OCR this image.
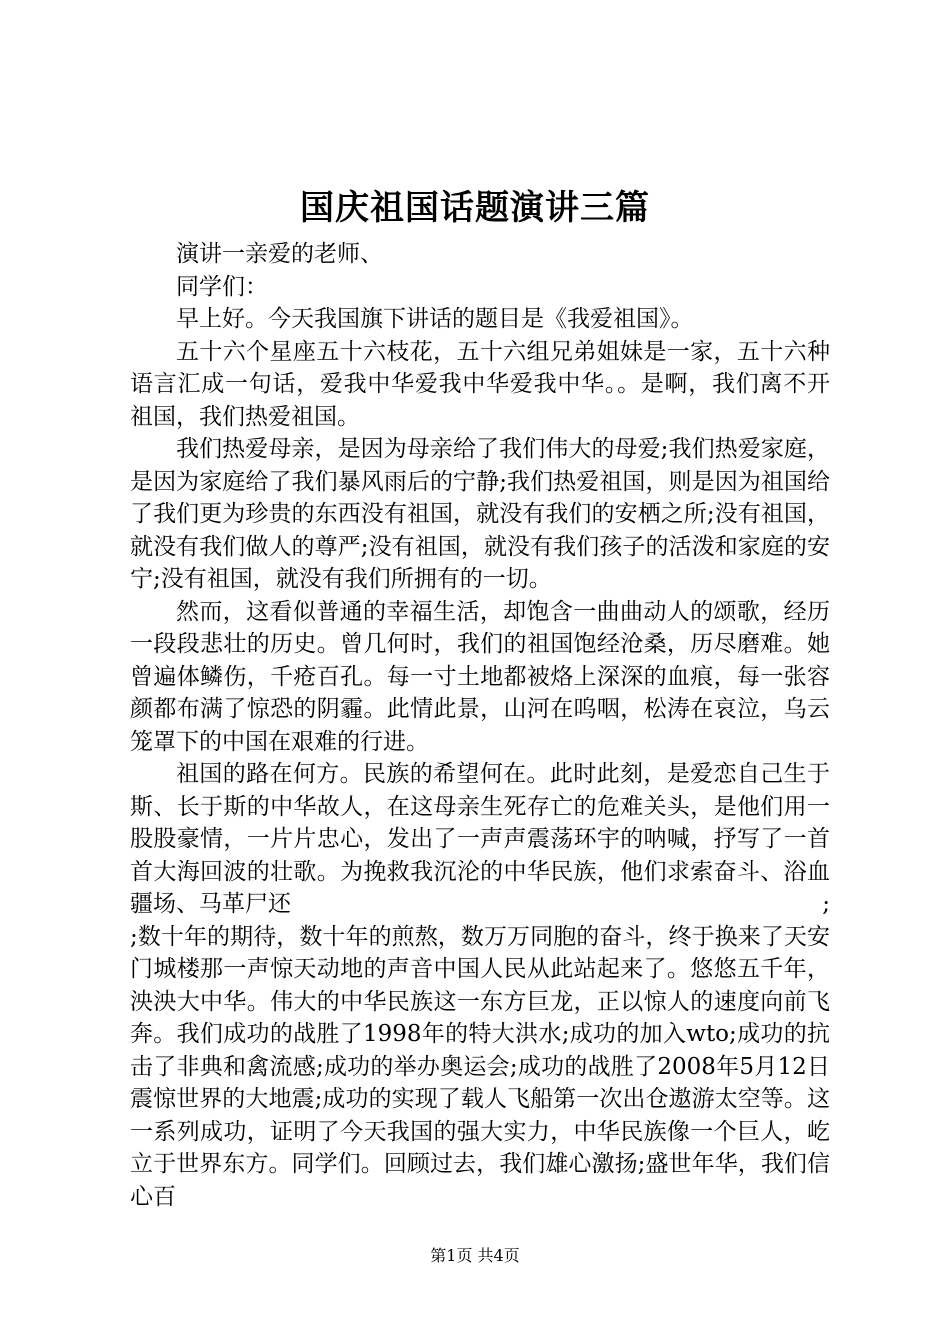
国庆祖国话题演讲三篇

演讲一亲爱的老师、

同学们：

早上好。今天我国旗下讲话的题目是《我爱祖国》。

五十六个星座五十六枝花，五十六组兄弟姐妹是一家，五十六种语言汇成一句话，爱我中华爱我中华爱我中华。。是啊，我们离不开祖国，我们热爱祖国。

我们热爱母亲，是因为母亲给了我们伟大的母爱;我们热爱家庭，是因为家庭给了我们暴风雨后的宁静;我们热爱祖国，则是因为祖国给了我们更为珍贵的东西没有祖国，就没有我们的安栖之所;没有祖国，就没有我们做人的尊严;没有祖国，就没有我们孩子的活泼和家庭的安宁;没有祖国，就没有我们所拥有的一切。

然而，这看似普通的幸福生活，却饱含一曲曲动人的颂歌，经历一段段悲壮的历史。曾几何时，我们的祖国饱经沧桑，历尽磨难。她曾遍体鳞伤，千疮百孔。每一寸土地都被烙上深深的血痕，每一张容颜都布满了惊恐的阴霾。此情此景，山河在呜咽，松涛在哀泣，乌云笼罩下的中国在艰难的行进。

祖国的路在何方。民族的希望何在。此时此刻，是爱恋自己生于斯、长于斯的中华故人，在这母亲生死存亡的危难关头，是他们用一股股豪情，一片片忠心，发出了一声声震荡环宇的呐喊，抒写了一首首大海回波的壮歌。为挽救我沉沦的中华民族，他们求索奋斗、浴血疆场、马革尸还	;

;数十年的期待，数十年的煎熬，数万万同胞的奋斗，终于换来了天安门城楼那一声惊天动地的声音中国人民从此站起来了。悠悠五千年，泱泱大中华。伟大的中华民族这一东方巨龙，正以惊人的速度向前飞奔。我们成功的战胜了1998年的特大洪水;成功的加入wto;成功的抗击了非典和禽流感;成功的举办奥运会;成功的战胜了2008年5月12日震惊世界的大地震;成功的实现了载人飞船第一次出仓遨游太空等。这一系列成功，证明了今天我国的强大实力，中华民族像一个巨人，屹立于世界东方。同学们。回顾过去，我们雄心激扬;盛世年华，我们信心百

第1页 共4页
